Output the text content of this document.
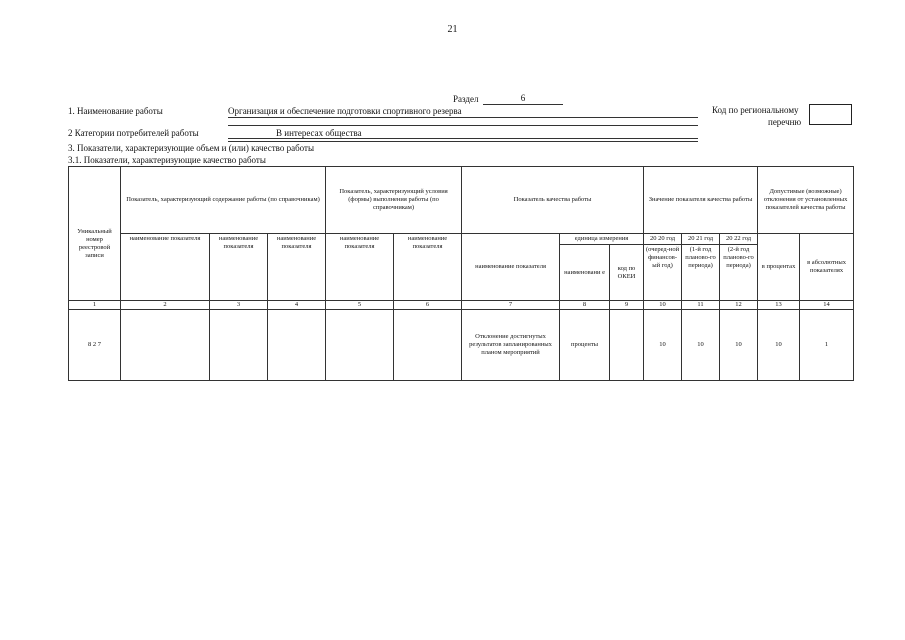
21
Раздел	6
1. Наименование работы	Организация и обеспечение подготовки спортивного резерва	Код по региональному
перечню
2 Категории потребителей работы	В интересах общества
3. Показатели, характеризующие объем и (или) качество работы
3.1. Показатели, характеризующие качество работы
Уникальный номер реестровой записи	Показатель, характеризующий содержание работы (по справочникам)			Показатель, характеризующий условия (формы) выполнения работы (по справочникам)		Показатель качества работы			Значение показателя качества работы			Допустимые (возможные) отклонения от установленных показателей качества работы	
	наименование показателя	наименование показателя	наименование показателя	наименование показателя	наименование показателя	наименование показателя	единица измерения		20 20 год	20 21 год	20 22 год	в процентах	в абсолютных показателях
							наименовани е	код по ОКЕИ	(очеред-ной финансов-ый год)	(1-й год планово-го периода)	(2-й год планово-го периода)		
1	2	3	4	5	6	7	8	9	10	11	12	13	14
8 2 7						Отклонение достигнутых результатов запланированных планом мероприятий	проценты		10	10	10	10	1
